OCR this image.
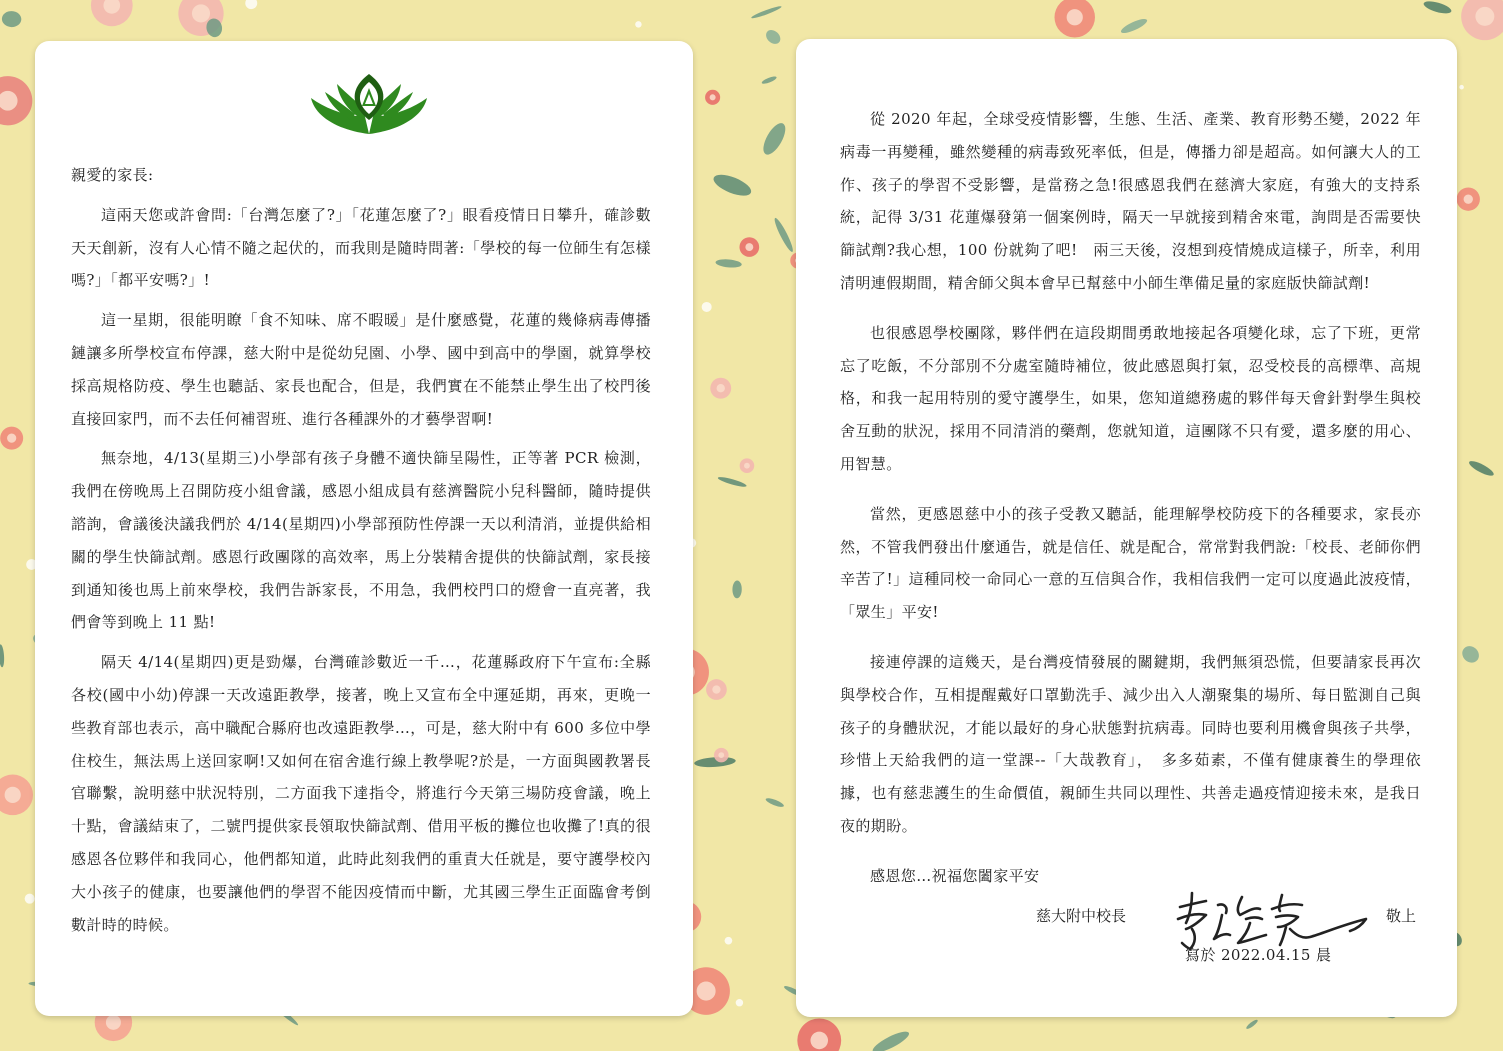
親愛的家長:

這兩天您或許會問:「台灣怎麼了?」「花蓮怎麼了?」眼看疫情日日攀升，確診數天天創新，沒有人心情不隨之起伏的，而我則是隨時問著:「學校的每一位師生有怎樣嗎?」「都平安嗎?」!

這一星期，很能明瞭「食不知味、席不暇暖」是什麼感覺，花蓮的幾條病毒傳播鏈讓多所學校宣布停課，慈大附中是從幼兒園、小學、國中到高中的學園，就算學校採高規格防疫、學生也聽話、家長也配合，但是，我們實在不能禁止學生出了校門後直接回家門，而不去任何補習班、進行各種課外的才藝學習啊!

無奈地，4/13(星期三)小學部有孩子身體不適快篩呈陽性，正等著 PCR 檢測，我們在傍晚馬上召開防疫小組會議，感恩小組成員有慈濟醫院小兒科醫師，隨時提供諮詢，會議後決議我們於 4/14(星期四)小學部預防性停課一天以利清消，並提供給相關的學生快篩試劑。感恩行政團隊的高效率，馬上分裝精舍提供的快篩試劑，家長接到通知後也馬上前來學校，我們告訴家長，不用急，我們校門口的燈會一直亮著，我們會等到晚上 11 點!

隔天 4/14(星期四)更是勁爆，台灣確診數近一千…，花蓮縣政府下午宣布:全縣各校(國中小幼)停課一天改遠距教學，接著，晚上又宣布全中運延期，再來，更晚一些教育部也表示，高中職配合縣府也改遠距教學…，可是，慈大附中有 600 多位中學住校生，無法馬上送回家啊!又如何在宿舍進行線上教學呢?於是，一方面與國教署長官聯繫，說明慈中狀況特別，二方面我下達指令，將進行今天第三場防疫會議，晚上十點，會議結束了，二號門提供家長領取快篩試劑、借用平板的攤位也收攤了!真的很感恩各位夥伴和我同心，他們都知道，此時此刻我們的重責大任就是，要守護學校內大小孩子的健康，也要讓他們的學習不能因疫情而中斷，尤其國三學生正面臨會考倒數計時的時候。

從 2020 年起，全球受疫情影響，生態、生活、產業、教育形勢丕變，2022 年病毒一再變種，雖然變種的病毒致死率低，但是，傳播力卻是超高。如何讓大人的工作、孩子的學習不受影響，是當務之急!很感恩我們在慈濟大家庭，有強大的支持系統，記得 3/31 花蓮爆發第一個案例時，隔天一早就接到精舍來電，詢問是否需要快篩試劑?我心想，100 份就夠了吧!　兩三天後，沒想到疫情燒成這樣子，所幸，利用清明連假期間，精舍師父與本會早已幫慈中小師生準備足量的家庭版快篩試劑!

也很感恩學校團隊，夥伴們在這段期間勇敢地接起各項變化球，忘了下班，更常忘了吃飯，不分部別不分處室隨時補位，彼此感恩與打氣，忍受校長的高標準、高規格，和我一起用特別的愛守護學生，如果，您知道總務處的夥伴每天會針對學生與校舍互動的狀況，採用不同清消的藥劑，您就知道，這團隊不只有愛，還多麼的用心、用智慧。

當然，更感恩慈中小的孩子受教又聽話，能理解學校防疫下的各種要求，家長亦然，不管我們發出什麼通告，就是信任、就是配合，常常對我們說:「校長、老師你們辛苦了!」這種同校一命同心一意的互信與合作，我相信我們一定可以度過此波疫情，「眾生」平安!

接連停課的這幾天，是台灣疫情發展的關鍵期，我們無須恐慌，但要請家長再次與學校合作，互相提醒戴好口罩勤洗手、減少出入人潮聚集的場所、每日監測自己與孩子的身體狀況，才能以最好的身心狀態對抗病毒。同時也要利用機會與孩子共學，珍惜上天給我們的這一堂課--「大哉教育」，　多多茹素，不僅有健康養生的學理依據，也有慈悲護生的生命價值，親師生共同以理性、共善走過疫情迎接未來，是我日夜的期盼。

感恩您…祝福您闔家平安

慈大附中校長	敬上
寫於 2022.04.15 晨
